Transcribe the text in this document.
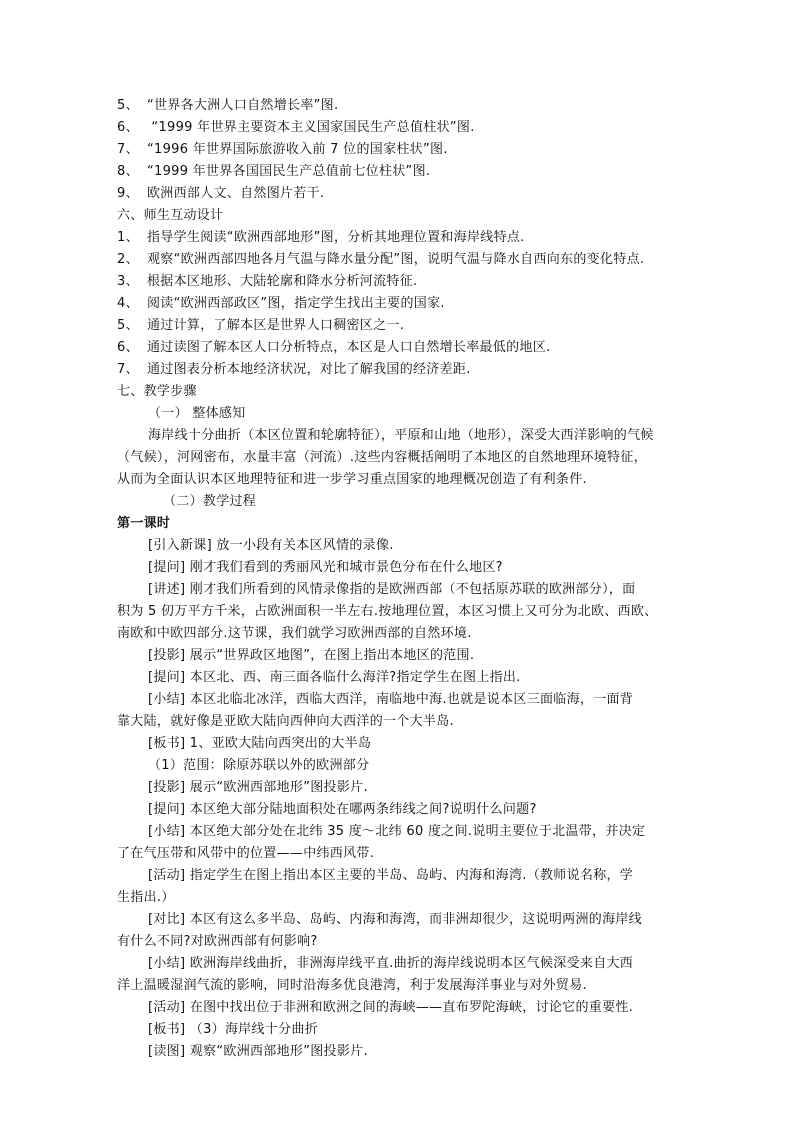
5、 “世界各大洲人口自然增长率”图.
6、 “1999 年世界主要资本主义国家国民生产总值柱状”图.
7、 “1996 年世界国际旅游收入前 7 位的国家柱状”图.
8、 “1999 年世界各国国民生产总值前七位柱状”图.
9、 欧洲西部人文、自然图片若干.
六、师生互动设计
1、 指导学生阅读“欧洲西部地形”图，分析其地理位置和海岸线特点.
2、 观察“欧洲西部四地各月气温与降水量分配”图，说明气温与降水自西向东的变化特点.
3、 根据本区地形、大陆轮廓和降水分析河流特征.
4、 阅读“欧洲西部政区”图，指定学生找出主要的国家.
5、 通过计算，了解本区是世界人口稠密区之一.
6、 通过读图了解本区人口分析特点，本区是人口自然增长率最低的地区.
7、 通过图表分析本地经济状况，对比了解我国的经济差距.
七、教学步骤
（一） 整体感知
海岸线十分曲折（本区位置和轮廓特征），平原和山地（地形），深受大西洋影响的气候
（气候），河网密布，水量丰富（河流）.这些内容概括阐明了本地区的自然地理环境特征，
从而为全面认识本区地理特征和进一步学习重点国家的地理概况创造了有利条件.
（二）教学过程
第一课时
[引入新课] 放一小段有关本区风情的录像.
[提问] 刚才我们看到的秀丽风光和城市景色分布在什么地区?
[讲述] 刚才我们所看到的风情录像指的是欧洲西部（不包括原苏联的欧洲部分），面
积为 5 仞万平方千米，占欧洲面积一半左右.按地理位置，本区习惯上又可分为北欧、西欧、
南欧和中欧四部分.这节课，我们就学习欧洲西部的自然环境.
[投影] 展示“世界政区地图”，在图上指出本地区的范围.
[提问] 本区北、西、南三面各临什么海洋?指定学生在图上指出.
[小结] 本区北临北冰洋，西临大西洋，南临地中海.也就是说本区三面临海，一面背
靠大陆，就好像是亚欧大陆向西伸向大西洋的一个大半岛.
[板书] 1、亚欧大陆向西突出的大半岛
（1）范围：除原苏联以外的欧洲部分
[投影] 展示“欧洲西部地形”图投影片.
[提问] 本区绝大部分陆地面积处在哪两条纬线之间?说明什么问题?
[小结] 本区绝大部分处在北纬 35 度～北纬 60 度之间.说明主要位于北温带，并决定
了在气压带和风带中的位置——中纬西风带.
[活动] 指定学生在图上指出本区主要的半岛、岛屿、内海和海湾.（教师说名称，学
生指出.）
[对比] 本区有这么多半岛、岛屿、内海和海湾，而非洲却很少，这说明两洲的海岸线
有什么不同?对欧洲西部有何影响?
[小结] 欧洲海岸线曲折，非洲海岸线平直.曲折的海岸线说明本区气候深受来自大西
洋上温暖湿润气流的影响，同时沿海多优良港湾，利于发展海洋事业与对外贸易.
[活动] 在图中找出位于非洲和欧洲之间的海峡——直布罗陀海峡，讨论它的重要性.
[板书] （3）海岸线十分曲折
[读图] 观察“欧洲西部地形”图投影片.
